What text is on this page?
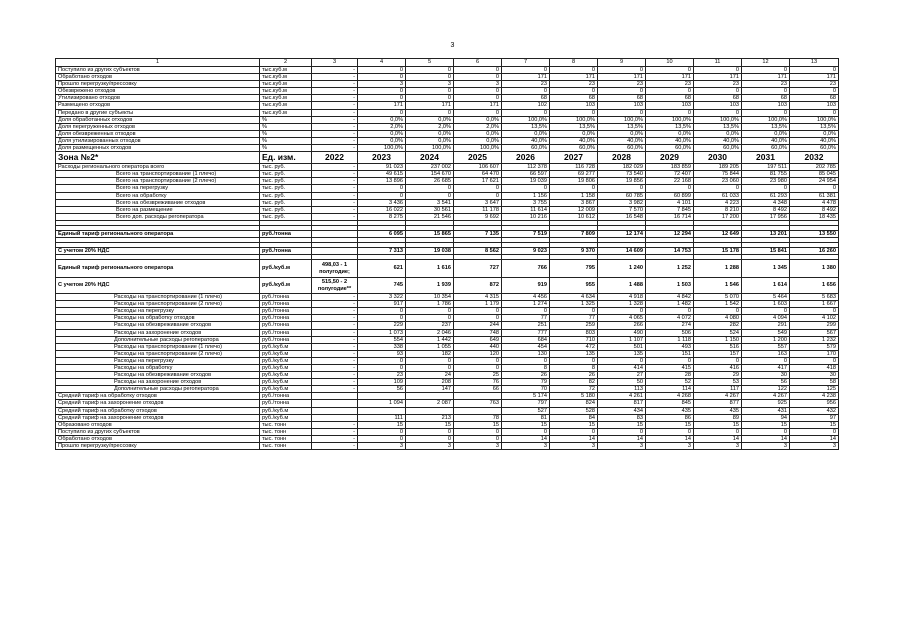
3
1	2	3	4	5	6	7	8	9	10	11	12	13
Поступило из других субъектов	тыс.куб.м	-	0	0	0	0	0	0	0	0	0	0
Обработано отходов	тыс.куб.м	-	0	0	0	171	171	171	171	171	171	171
Прошло перегрузку/прессовку	тыс.куб.м	-	3	3	3	23	23	23	23	23	23	23
Обезврежено отходов	тыс.куб.м	-	0	0	0	0	0	0	0	0	0	0
Утилизировано отходов	тыс.куб.м	-	0	0	0	68	68	68	68	68	68	68
Размещено отходов	тыс.куб.м	-	171	171	171	102	103	103	103	103	103	103
Передано в другие субъекты	тыс.куб.м	-	0	0	0	0	0	0	0	0	0	0
Доля обработанных отходов	%	-	0,0%	0,0%	0,0%	100,0%	100,0%	100,0%	100,0%	100,0%	100,0%	100,0%
Доля перегруженных отходов	%	-	2,0%	2,0%	2,0%	13,5%	13,5%	13,5%	13,5%	13,5%	13,5%	13,5%
Доля обезвреженных отходов	%	-	0,0%	0,0%	0,0%	0,0%	0,0%	0,0%	0,0%	0,0%	0,0%	0,0%
Доля утилизированных отходов	%	-	0,0%	0,0%	0,0%	40,0%	40,0%	40,0%	40,0%	40,0%	40,0%	40,0%
Доля размещенных отходов	%	-	100,0%	100,0%	100,0%	60,0%	60,0%	60,0%	60,0%	60,0%	60,0%	60,0%
Зона №2*	Ед. изм.	2022	2023	2024	2025	2026	2027	2028	2029	2030	2031	2032
Расходы регионального оператора всего	тыс. руб.	-	91 023	237 002	106 607	112 378	116 728	182 029	183 859	189 205	197 511	202 785
Всего на транспортирование (1 плечо)	тыс. руб.	-	49 615	154 670	64 470	66 597	69 277	73 540	72 407	75 844	81 755	85 045
Всего на транспортирование (2 плечо)	тыс. руб.	-	13 896	26 685	17 621	19 039	19 806	19 856	22 168	23 060	23 980	24 954
Всего на перегрузку	тыс. руб.	-	0	0	0	0	0	0	0	0	0	0
Всего на обработку	тыс. руб.	-	0	0	0	1 156	1 158	60 785	60 899	61 033	61 293	61 381
Всего на обезвреживание отходов	тыс. руб.	-	3 436	3 541	3 647	3 755	3 867	3 982	4 101	4 223	4 348	4 478
Всего на размещение	тыс. руб.	-	16 022	30 561	11 178	11 614	12 009	7 570	7 845	8 210	8 492	8 492
Всего доп. расходы регоператора	тыс. руб.	-	8 275	21 546	9 692	10 216	10 612	16 548	16 714	17 200	17 956	18 435

Единый тариф регионального оператора	руб./тонна		6 095	15 865	7 135	7 519	7 809	12 174	12 294	12 649	13 201	13 550

С учетом 20% НДС	руб./тонна		7 313	19 038	8 562	9 023	9 370	14 609	14 753	15 178	15 841	16 260

Единый тариф регионального оператора	руб./куб.м	498,03 - 1 полугодие;	621	1 616	727	766	795	1 240	1 252	1 288	1 345	1 380
С учетом 20% НДС	руб./куб.м	515,50 - 2 полугодие**	745	1 939	872	919	955	1 488	1 503	1 546	1 614	1 656
Расходы на транспортирование (1 плечо)	руб./тонна	-	3 322	10 354	4 315	4 456	4 634	4 918	4 842	5 070	5 464	5 683
Расходы на транспортирование (2 плечо)	руб./тонна	-	917	1 786	1 179	1 274	1 325	1 328	1 482	1 542	1 603	1 667
Расходы на перегрузку	руб./тонна	-	0	0	0	0	0	0	0	0	0	0
Расходы на обработку отходов	руб./тонна	-	0	0	0	77	77	4 065	4 072	4 080	4 094	4 102
Расходы на обезвреживание отходов	руб./тонна	-	229	237	244	251	259	266	274	282	291	299
Расходы на захоронение отходов	руб./тонна	-	1 073	2 046	748	777	803	490	506	524	549	567
Дополнительные расходы регоператора	руб./тонна	-	554	1 442	649	684	710	1 107	1 118	1 150	1 200	1 232
Расходы на транспортирование (1 плечо)	руб./куб.м	-	338	1 055	440	454	472	501	493	516	557	579
Расходы на транспортирование (2 плечо)	руб./куб.м	-	93	182	120	130	135	135	151	157	163	170
Расходы на перегрузку	руб./куб.м	-	0	0	0	0	0	0	0	0	0	0
Расходы на обработку	руб./куб.м	-	0	0	0	8	8	414	415	416	417	418
Расходы на обезвреживание отходов	руб./куб.м	-	23	24	25	26	26	27	28	29	30	30
Расходы на захоронение отходов	руб./куб.м	-	109	208	76	79	82	50	52	53	56	58
Дополнительные расходы регоператора	руб./куб.м	-	56	147	66	70	72	113	114	117	122	125
Средний тариф на обработку отходов	руб./тонна					5 174	5 180	4 261	4 268	4 267	4 267	4 238
Средний тариф на захоронение отходов	руб./тонна		1 094	2 087	763	797	824	817	845	877	925	956
Средний тариф на обработку отходов	руб./куб.м					527	528	434	435	435	431	432
Средний тариф на захоронение отходов	руб./куб.м		111	213	78	81	84	83	86	89	94	97
Образовано отходов	тыс. тонн	-	15	15	15	15	15	15	15	15	15	15
Поступило из других субъектов	тыс. тонн	-	0	0	0	0	0	0	0	0	0	0
Обработано отходов	тыс. тонн	-	0	0	0	14	14	14	14	14	14	14
Прошло перегрузку/прессовку	тыс. тонн	-	3	3	3	3	3	3	3	3	3	3
